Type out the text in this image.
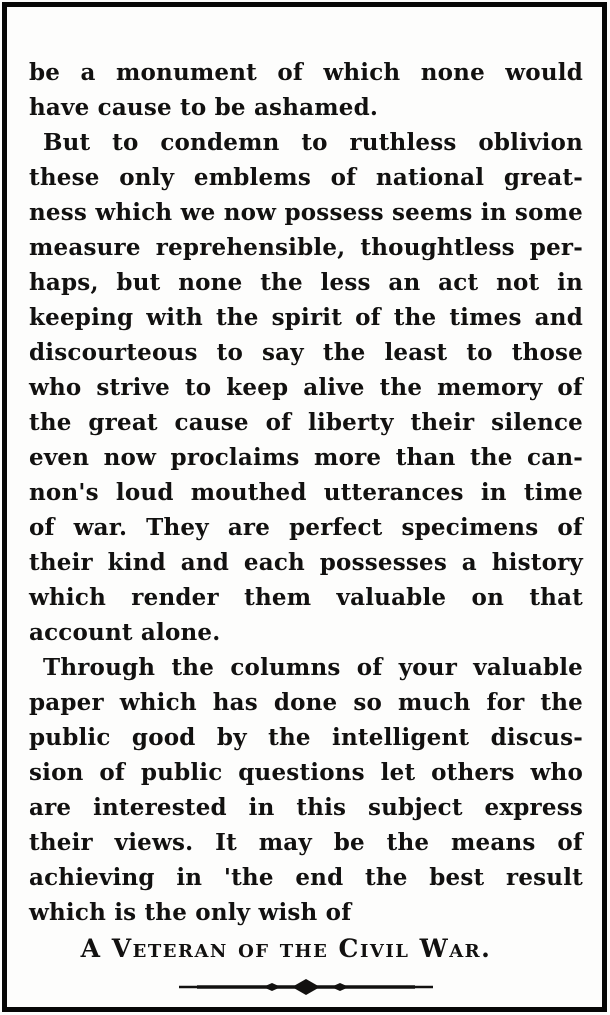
be a monument of which none would
have cause to be ashamed.
But to condemn to ruthless oblivion
these only emblems of national great-
ness which we now possess seems in some
measure reprehensible, thoughtless per-
haps, but none the less an act not in
keeping with the spirit of the times and
discourteous to say the least to those
who strive to keep alive the memory of
the great cause of liberty their silence
even now proclaims more than the can-
non's loud mouthed utterances in time
of war. They are perfect specimens of
their kind and each possesses a history
which render them valuable on that
account alone.
Through the columns of your valuable
paper which has done so much for the
public good by the intelligent discus-
sion of public questions let others who
are interested in this subject express
their views. It may be the means of
achieving in 'the end the best result
which is the only wish of
A Veteran of the Civil War.
